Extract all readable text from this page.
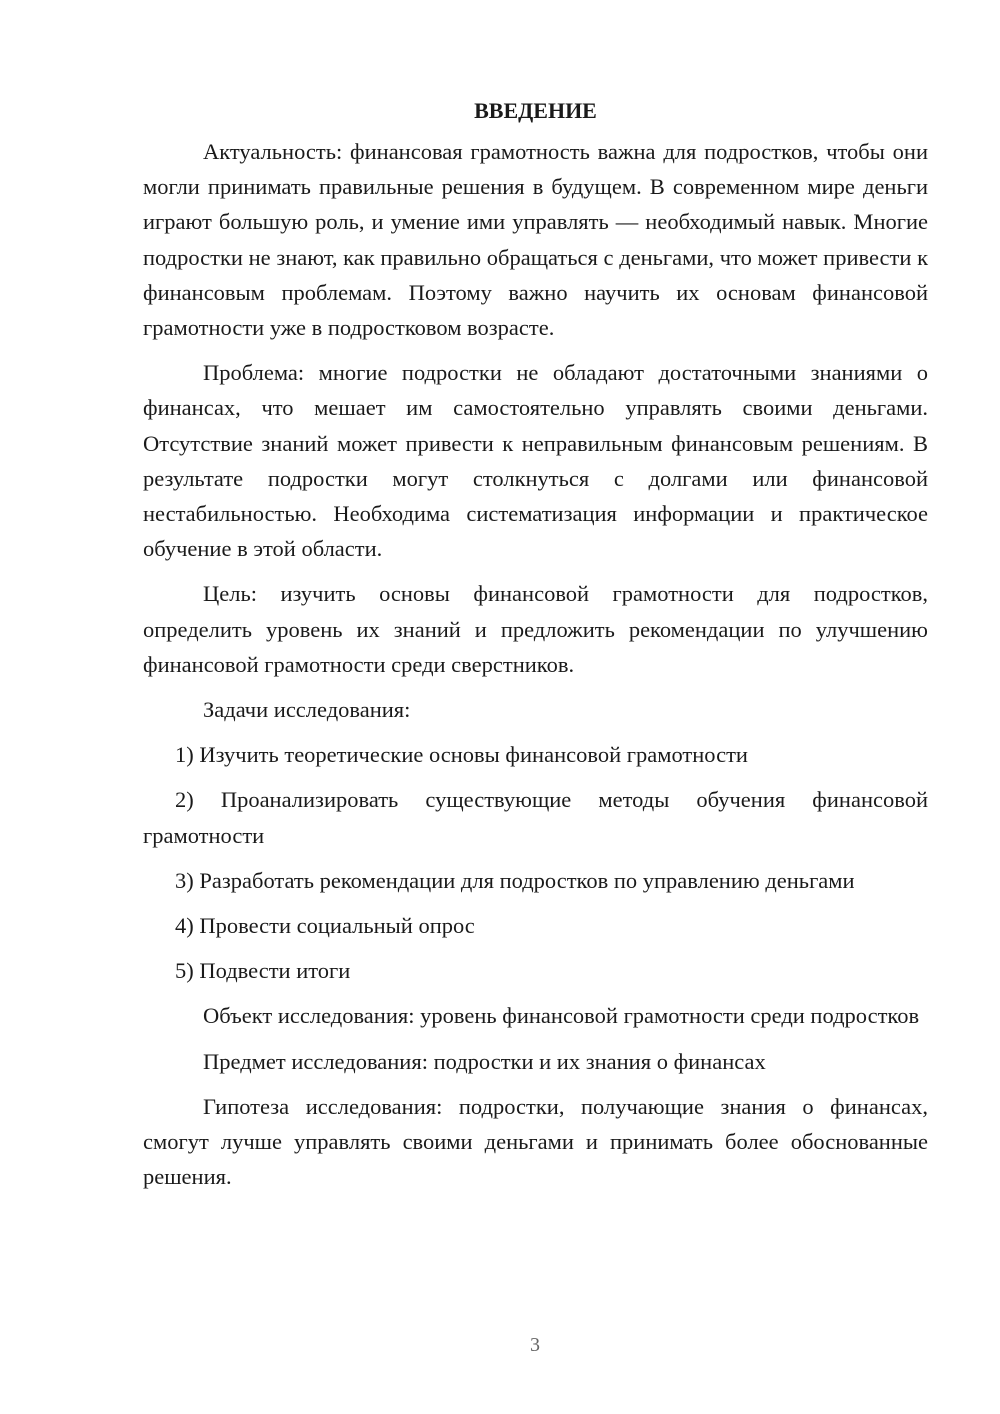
ВВЕДЕНИЕ

Актуальность: финансовая грамотность важна для подростков, чтобы они могли принимать правильные решения в будущем. В современном мире деньги играют большую роль, и умение ими управлять — необходимый навык. Многие подростки не знают, как правильно обращаться с деньгами, что может привести к финансовым проблемам. Поэтому важно научить их основам финансовой грамотности уже в подростковом возрасте.

Проблема: многие подростки не обладают достаточными знаниями о финансах, что мешает им самостоятельно управлять своими деньгами. Отсутствие знаний может привести к неправильным финансовым решениям. В результате подростки могут столкнуться с долгами или финансовой нестабильностью. Необходима систематизация информации и практическое обучение в этой области.

Цель: изучить основы финансовой грамотности для подростков, определить уровень их знаний и предложить рекомендации по улучшению финансовой грамотности среди сверстников.

Задачи исследования:

1) Изучить теоретические основы финансовой грамотности

2) Проанализировать существующие методы обучения финансовой грамотности

3) Разработать рекомендации для подростков по управлению деньгами

4) Провести социальный опрос

5) Подвести итоги

Объект исследования: уровень финансовой грамотности среди подростков

Предмет исследования: подростки и их знания о финансах

Гипотеза исследования: подростки, получающие знания о финансах, смогут лучше управлять своими деньгами и принимать более обоснованные решения.

3
